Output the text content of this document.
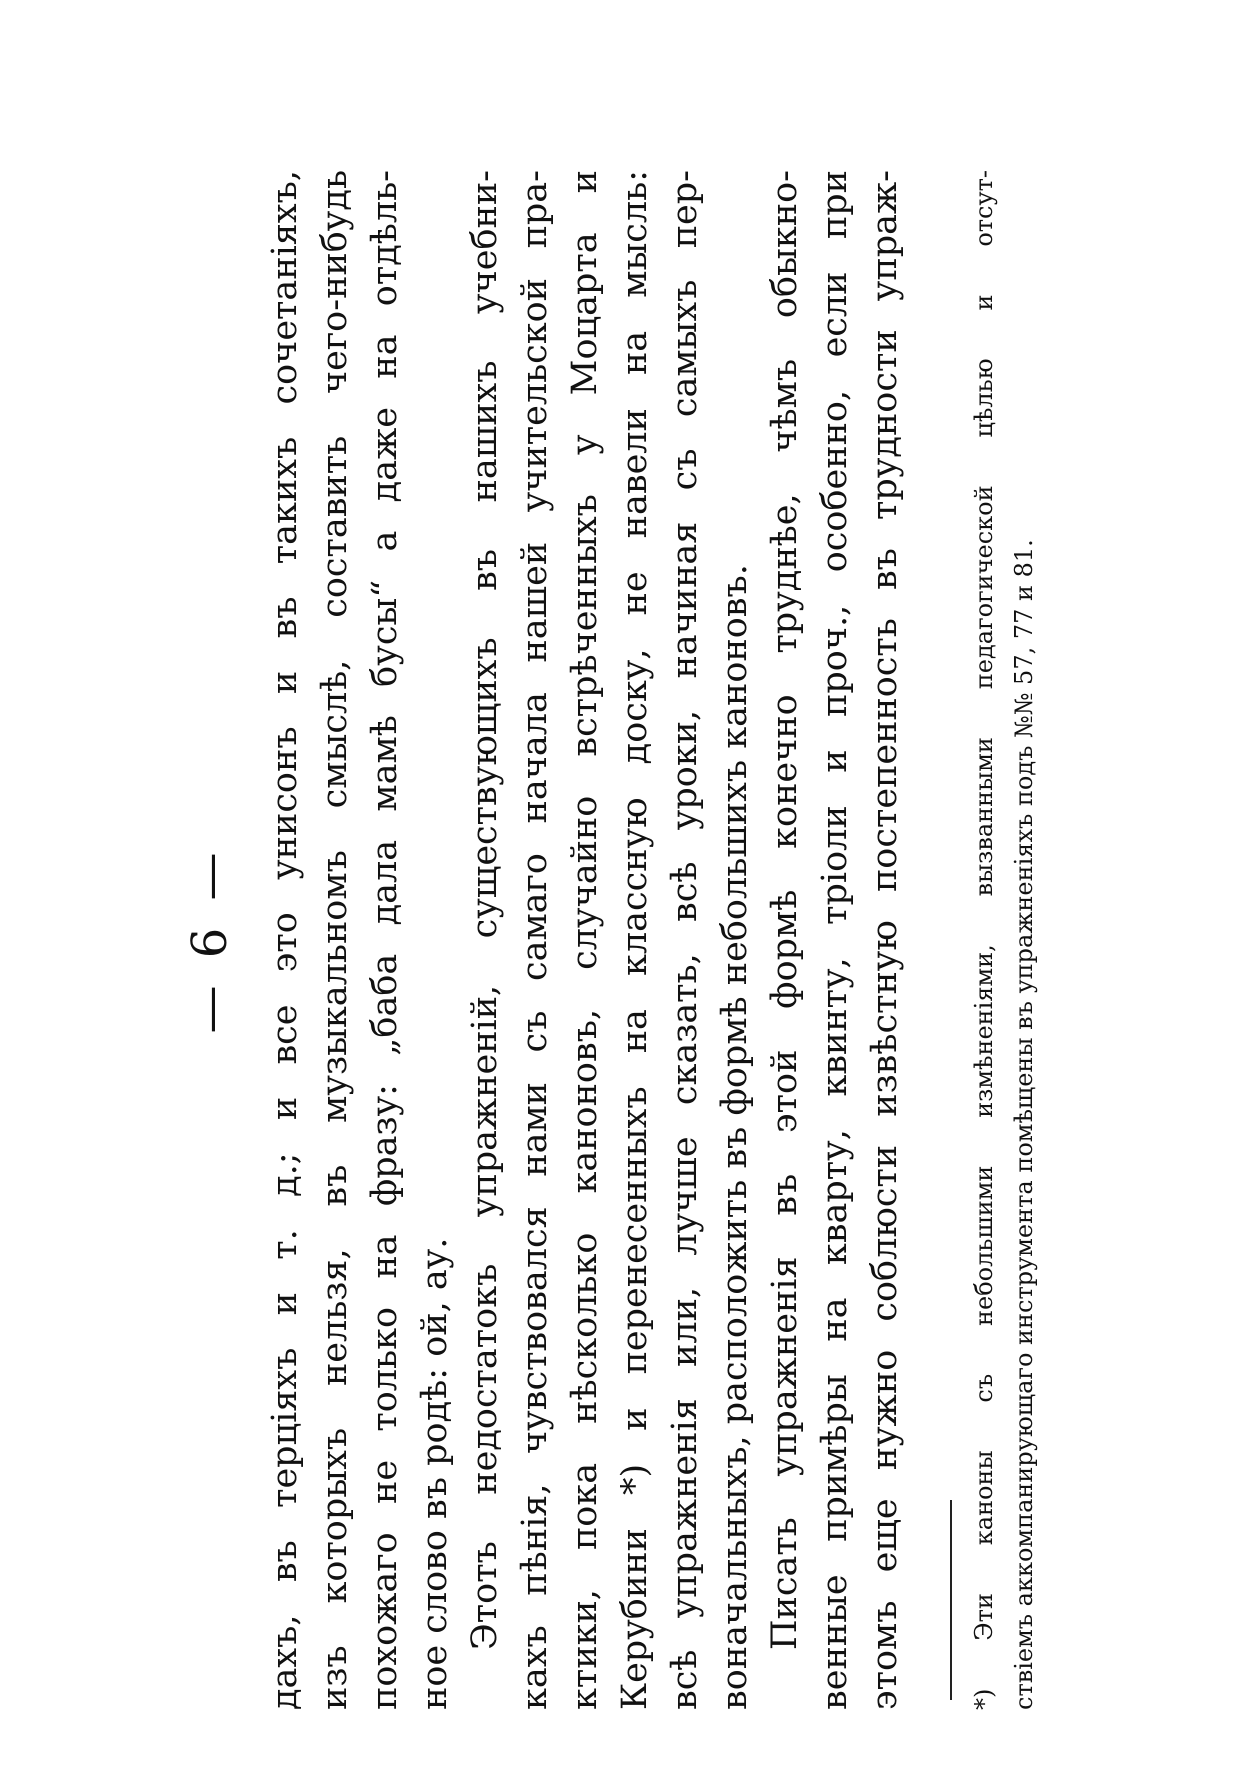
— 6 — дахъ, въ терціяхъ и т. д.; и все это унисонъ и въ такихъ сочетаніяхъ, изъ которыхъ нельзя, въ музыкальномъ смыслѣ, составить чего-нибудь похожаго не только на фразу: „баба дала мамѣ бусы“ а даже на отдѣль- ное слово въ родѣ: ой, ау. Этотъ недостатокъ упражненій, существующихъ въ нашихъ учебни- кахъ пѣнія, чувствовался нами съ самаго начала нашей учительской пра- ктики, пока нѣсколько каноновъ, случайно встрѣченныхъ у Моцарта и Керубини *) и перенесенныхъ на классную доску, не навели на мысль: всѣ упражненія или, лучше сказать, всѣ уроки, начиная съ самыхъ пер- воначальныхъ, расположить въ формѣ небольшихъ каноновъ. Писать упражненія въ этой формѣ конечно труднѣе, чѣмъ обыкно- венные примѣры на кварту, квинту, тріоли и проч., особенно, если при этомъ еще нужно соблюсти извѣстную постепенность въ трудности упраж-	*) Эти каноны съ небольшими измѣненіями, вызванными педагогической цѣлью и отсут- ствіемъ аккомпанирующаго инструмента помѣщены въ упражненіяхъ подъ №№ 57, 77 и 81.
